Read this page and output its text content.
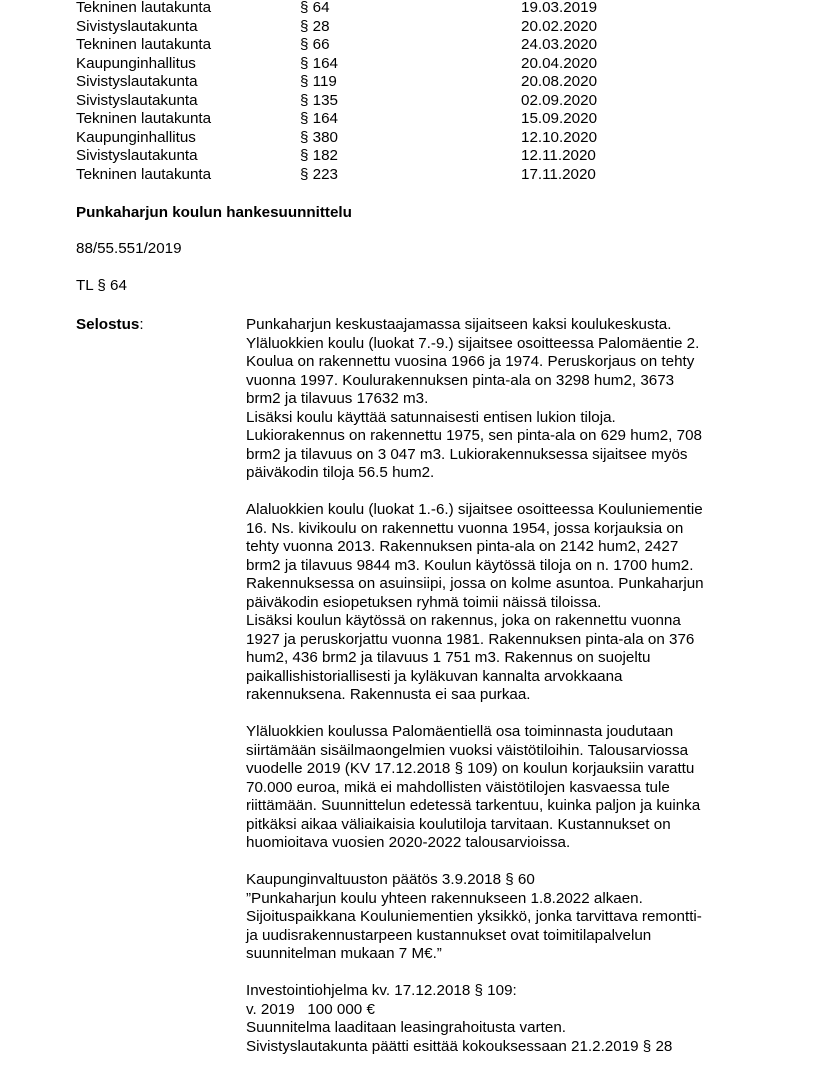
Tekninen lautakunta	§ 64	19.03.2019
Sivistyslautakunta	§ 28	20.02.2020
Tekninen lautakunta	§ 66	24.03.2020
Kaupunginhallitus	§ 164	20.04.2020
Sivistyslautakunta	§ 119	20.08.2020
Sivistyslautakunta	§ 135	02.09.2020
Tekninen lautakunta	§ 164	15.09.2020
Kaupunginhallitus	§ 380	12.10.2020
Sivistyslautakunta	§ 182	12.11.2020
Tekninen lautakunta	§ 223	17.11.2020
Punkaharjun koulun hankesuunnittelu
88/55.551/2019
TL § 64
Selostus:	Punkaharjun keskustaajamassa sijaitseen kaksi koulukeskusta.
Yläluokkien koulu (luokat 7.-9.) sijaitsee osoitteessa Palomäentie 2.
Koulua on rakennettu vuosina 1966 ja 1974. Peruskorjaus on tehty
vuonna 1997. Koulurakennuksen pinta-ala on 3298 hum2, 3673
brm2 ja tilavuus 17632 m3.
Lisäksi koulu käyttää satunnaisesti entisen lukion tiloja.
Lukiorakennus on rakennettu 1975, sen pinta-ala on 629 hum2, 708
brm2 ja tilavuus on 3 047 m3. Lukiorakennuksessa sijaitsee myös
päiväkodin tiloja 56.5 hum2.
Alaluokkien koulu (luokat 1.-6.) sijaitsee osoitteessa Kouluniementie
16. Ns. kivikoulu on rakennettu vuonna 1954, jossa korjauksia on
tehty vuonna 2013. Rakennuksen pinta-ala on 2142 hum2, 2427
brm2 ja tilavuus 9844 m3. Koulun käytössä tiloja on n. 1700 hum2.
Rakennuksessa on asuinsiipi, jossa on kolme asuntoa. Punkaharjun
päiväkodin esiopetuksen ryhmä toimii näissä tiloissa.
Lisäksi koulun käytössä on rakennus, joka on rakennettu vuonna
1927 ja peruskorjattu vuonna 1981. Rakennuksen pinta-ala on 376
hum2, 436 brm2 ja tilavuus 1 751 m3. Rakennus on suojeltu
paikallishistoriallisesti ja kyläkuvan kannalta arvokkaana
rakennuksena. Rakennusta ei saa purkaa.
Yläluokkien koulussa Palomäentiellä osa toiminnasta joudutaan
siirtämään sisäilmaongelmien vuoksi väistötiloihin. Talousarviossa
vuodelle 2019 (KV 17.12.2018 § 109) on koulun korjauksiin varattu
70.000 euroa, mikä ei mahdollisten väistötilojen kasvaessa tule
riittämään. Suunnittelun edetessä tarkentuu, kuinka paljon ja kuinka
pitkäksi aikaa väliaikaisia koulutiloja tarvitaan. Kustannukset on
huomioitava vuosien 2020-2022 talousarvioissa.
Kaupunginvaltuuston päätös 3.9.2018 § 60
”Punkaharjun koulu yhteen rakennukseen 1.8.2022 alkaen.
Sijoituspaikkana Kouluniementien yksikkö, jonka tarvittava remontti-
ja uudisrakennustarpeen kustannukset ovat toimitilapalvelun
suunnitelman mukaan 7 M€.”
Investointiohjelma kv. 17.12.2018 § 109:
v. 2019   100 000 €
Suunnitelma laaditaan leasingrahoitusta varten.
Sivistyslautakunta päätti esittää kokouksessaan 21.2.2019 § 28
